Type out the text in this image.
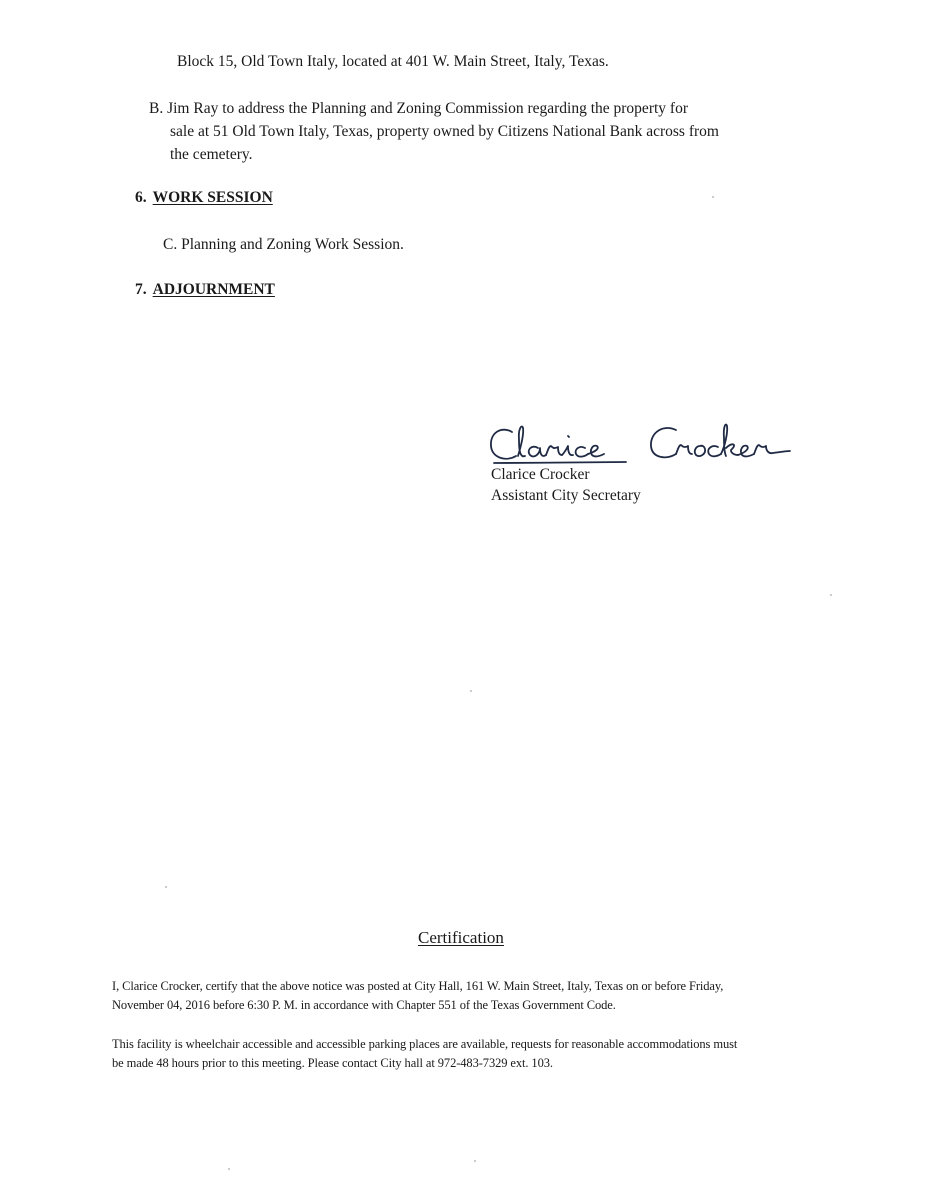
Block 15, Old Town Italy, located at 401 W. Main Street, Italy, Texas.
B. Jim Ray to address the Planning and Zoning Commission regarding the property for
sale at 51 Old Town Italy, Texas, property owned by Citizens National Bank across from
the cemetery.
6. WORK SESSION
C. Planning and Zoning Work Session.
7. ADJOURNMENT
Clarice Crocker
Assistant City Secretary
Certification
I, Clarice Crocker, certify that the above notice was posted at City Hall, 161 W. Main Street, Italy, Texas on or before Friday,
November 04, 2016 before 6:30 P. M. in accordance with Chapter 551 of the Texas Government Code.
This facility is wheelchair accessible and accessible parking places are available, requests for reasonable accommodations must
be made 48 hours prior to this meeting. Please contact City hall at 972-483-7329 ext. 103.
